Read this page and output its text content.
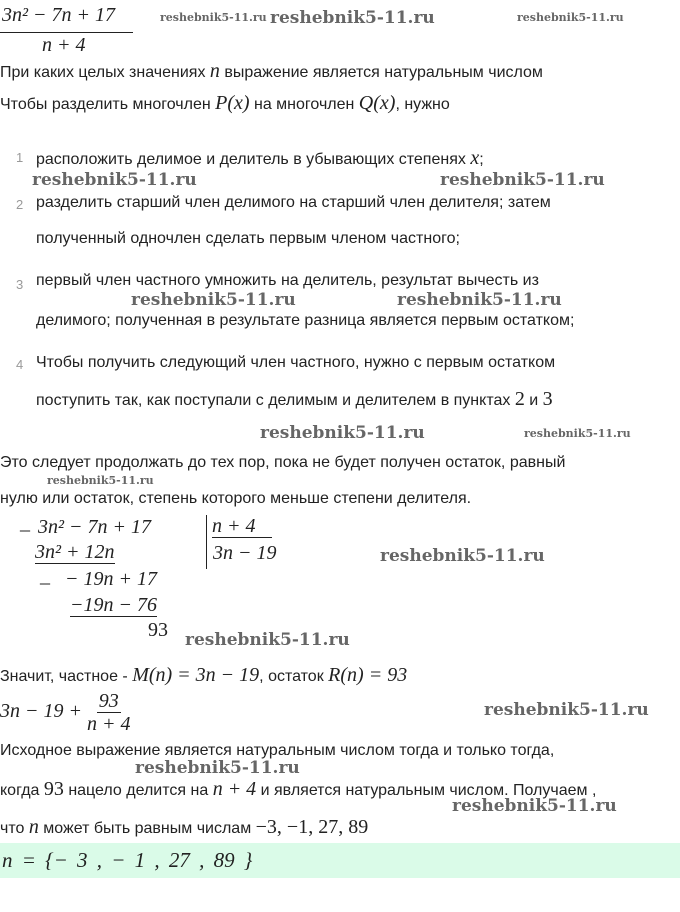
3n² − 7n + 17
n + 4
При каких целых значениях n выражение является натуральным числом
Чтобы разделить многочлен P(x) на многочлен Q(x), нужно
1 расположить делимое и делитель в убывающих степенях x;
2 разделить старший член делимого на старший член делителя; затем
полученный одночлен сделать первым членом частного;
3 первый член частного умножить на делитель, результат вычесть из
делимого; полученная в результате разница является первым остатком;
4 Чтобы получить следующий член частного, нужно с первым остатком
поступить так, как поступали с делимым и делителем в пунктах 2 и 3
Это следует продолжать до тех пор, пока не будет получен остаток, равный
нулю или остаток, степень которого меньше степени делителя.
_ 3n² − 7n + 17
3n² + 12n
_ − 19n + 17
−19n − 76
93
n + 4
3n − 19
Значит, частное - M(n) = 3n − 19, остаток R(n) = 93
$3n - 19 + \frac{93}{n + 4}$
Исходное выражение является натуральным числом тогда и только тогда,
когда 93 нацело делится на n + 4 и является натуральным числом. Получаем ,
что n может быть равным числам −3, −1, 27, 89
n = {− 3 , − 1 , 27 , 89 }
reshebnik5-11.ru reshebnik5-11.ru	reshebnik5-11.ru
reshebnik5-11.ru	reshebnik5-11.ru
reshebnik5-11.ru	reshebnik5-11.ru
reshebnik5-11.ru
reshebnik5-11.ru
reshebnik5-11.ru
reshebnik5-11.ru
reshebnik5-11.ru
reshebnik5-11.ru
reshebnik5-11.ru
reshebnik5-11.ru
